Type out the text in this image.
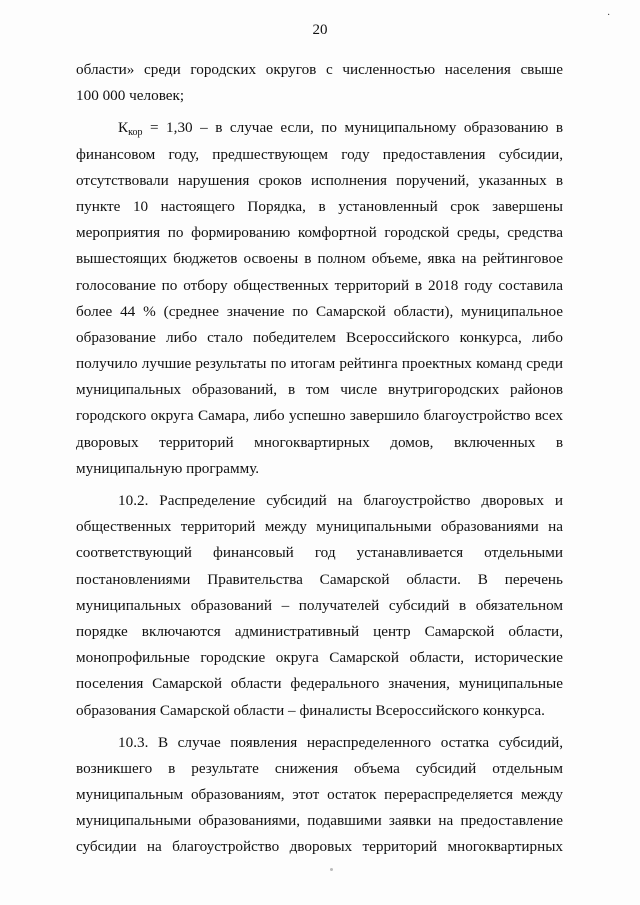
20
.
области» среди городских округов с численностью населения свыше
100 000 человек;
$К_{кор} = 1,30 - в$ случае если, по муниципальному образованию в
финансовом году, предшествующем году предоставления субсидии,
отсутствовали нарушения сроков исполнения поручений, указанных в
пункте 10 настоящего Порядка, в установленный срок завершены
мероприятия по формированию комфортной городской среды, средства
вышестоящих бюджетов освоены в полном объеме, явка на рейтинговое
голосование по отбору общественных территорий в 2018 году составила
более 44 % (среднее значение по Самарской области), муниципальное
образование либо стало победителем Всероссийского конкурса, либо
получило лучшие результаты по итогам рейтинга проектных команд среди
муниципальных образований, в том числе внутригородских районов
городского округа Самара, либо успешно завершило благоустройство всех
дворовых территорий многоквартирных домов, включенных в
муниципальную программу.
10.2. Распределение субсидий на благоустройство дворовых и
общественных территорий между муниципальными образованиями на
соответствующий финансовый год устанавливается отдельными
постановлениями Правительства Самарской области. В перечень
муниципальных образований – получателей субсидий в обязательном
порядке включаются административный центр Самарской области,
монопрофильные городские округа Самарской области, исторические
поселения Самарской области федерального значения, муниципальные
образования Самарской области – финалисты Всероссийского конкурса.
10.3. В случае появления нераспределенного остатка субсидий,
возникшего в результате снижения объема субсидий отдельным
муниципальным образованиям, этот остаток перераспределяется между
муниципальными образованиями, подавшими заявки на предоставление
субсидии на благоустройство дворовых территорий многоквартирных
